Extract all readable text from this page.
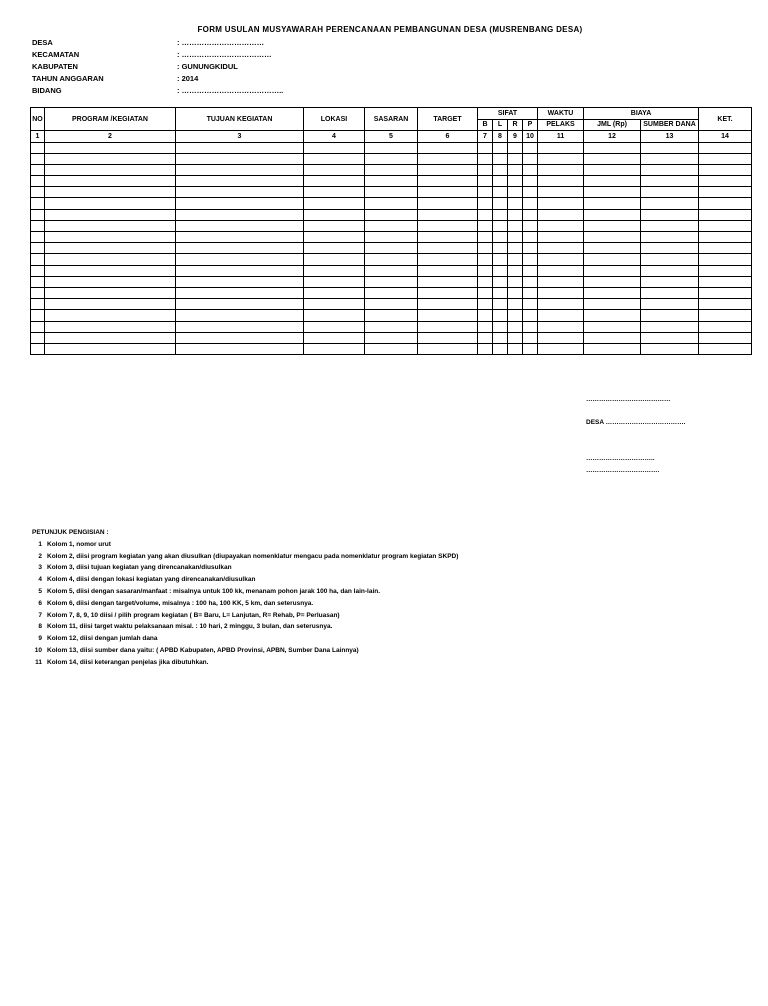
FORM USULAN MUSYAWARAH PERENCANAAN PEMBANGUNAN DESA (MUSRENBANG DESA)
DESA	: ……………………………
KECAMATAN	: ………………………………
KABUPATEN	: GUNUNGKIDUL
TAHUN ANGGARAN	: 2014
BIDANG	: …………………………………..
NO	PROGRAM /KEGIATAN	TUJUAN KEGIATAN	LOKASI	SASARAN	TARGET	SIFAT				WAKTU	BIAYA		KET.
						B	L	R	P	PELAKS	JML (Rp)	SUMBER DANA	
1	2	3	4	5	6	7	8	9	10	11	12	13	14

…………………………………
DESA ……………………………….
…………………………..
…………………………….
PETUNJUK PENGISIAN :
1 Kolom 1, nomor urut
2 Kolom 2, diisi program kegiatan yang akan diusulkan (diupayakan nomenklatur mengacu pada nomenklatur program kegiatan SKPD)
3 Kolom 3, diisi tujuan kegiatan yang direncanakan/diusulkan
4 Kolom 4, diisi dengan lokasi kegiatan yang direncanakan/diusulkan
5 Kolom 5, diisi dengan sasaran/manfaat : misalnya untuk 100 kk, menanam pohon jarak 100 ha, dan lain-lain.
6 Kolom 6, diisi dengan target/volume, misalnya : 100 ha, 100 KK, 5 km, dan seterusnya.
7 Kolom 7, 8, 9, 10 diisi / pilih program kegiatan ( B= Baru, L= Lanjutan, R= Rehab, P= Perluasan)
8 Kolom 11, diisi target waktu pelaksanaan misal. : 10 hari, 2 minggu, 3 bulan, dan seterusnya.
9 Kolom 12, diisi dengan jumlah dana
10 Kolom 13, diisi sumber dana yaitu: ( APBD Kabupaten, APBD Provinsi, APBN, Sumber Dana Lainnya)
11 Kolom 14, diisi keterangan penjelas jika dibutuhkan.
